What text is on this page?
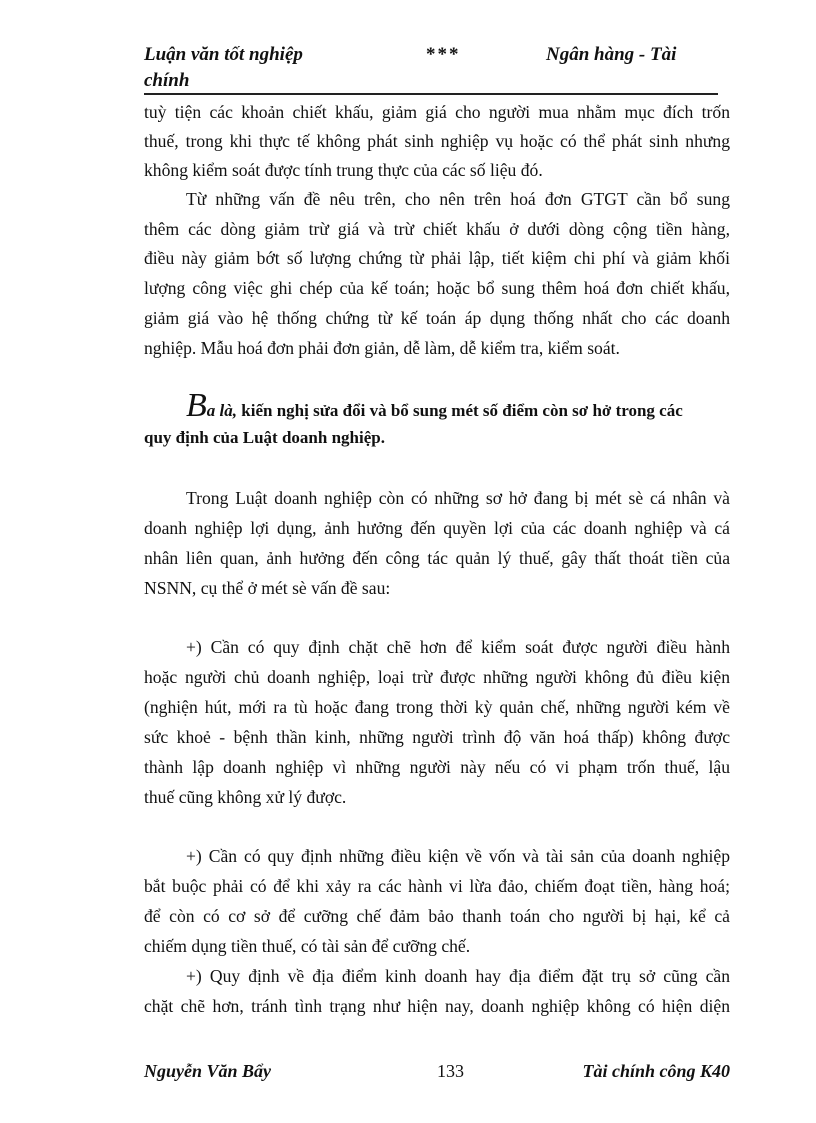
Luận văn tốt nghiệp
chính
***	Ngân hàng - Tài
tuỳ tiện các khoản chiết khấu, giảm giá cho người mua nhằm mục đích trốn
thuế, trong khi thực tế không phát sinh nghiệp vụ hoặc có thể phát sinh nhưng
không kiểm soát được tính trung thực của các số liệu đó.
Từ những vấn đề nêu trên, cho nên trên hoá đơn GTGT cần bổ sung
thêm các dòng giảm trừ giá và trừ chiết khấu ở dưới dòng cộng tiền hàng,
điều này giảm bớt số lượng chứng từ phải lập, tiết kiệm chi phí và giảm khối
lượng công việc ghi chép của kế toán; hoặc bổ sung thêm hoá đơn chiết khấu,
giảm giá vào hệ thống chứng từ kế toán áp dụng thống nhất cho các doanh
nghiệp. Mẫu hoá đơn phải đơn giản, dễ làm, dễ kiểm tra, kiểm soát.
Ba là, kiến nghị sửa đổi và bổ sung mét số điểm còn sơ hở trong các
quy định của Luật doanh nghiệp.
Trong Luật doanh nghiệp còn có những sơ hở đang bị mét sè cá nhân và
doanh nghiệp lợi dụng, ảnh hưởng đến quyền lợi của các doanh nghiệp và cá
nhân liên quan, ảnh hưởng đến công tác quản lý thuế, gây thất thoát tiền của
NSNN, cụ thể ở mét sè vấn đề sau:
+) Cần có quy định chặt chẽ hơn để kiểm soát được người điều hành
hoặc người chủ doanh nghiệp, loại trừ được những người không đủ điều kiện
(nghiện hút, mới ra tù hoặc đang trong thời kỳ quản chế, những người kém về
sức khoẻ - bệnh thần kinh, những người trình độ văn hoá thấp) không được
thành lập doanh nghiệp vì những người này nếu có vi phạm trốn thuế, lậu
thuế cũng không xử lý được.
+) Cần có quy định những điều kiện về vốn và tài sản của doanh nghiệp
bắt buộc phải có để khi xảy ra các hành vi lừa đảo, chiếm đoạt tiền, hàng hoá;
để còn có cơ sở để cưỡng chế đảm bảo thanh toán cho người bị hại, kể cả
chiếm dụng tiền thuế, có tài sản để cưỡng chế.
+) Quy định về địa điểm kinh doanh hay địa điểm đặt trụ sở cũng cần
chặt chẽ hơn, tránh tình trạng như hiện nay, doanh nghiệp không có hiện diện
Nguyễn Văn Bẩy	133	Tài chính công K40
